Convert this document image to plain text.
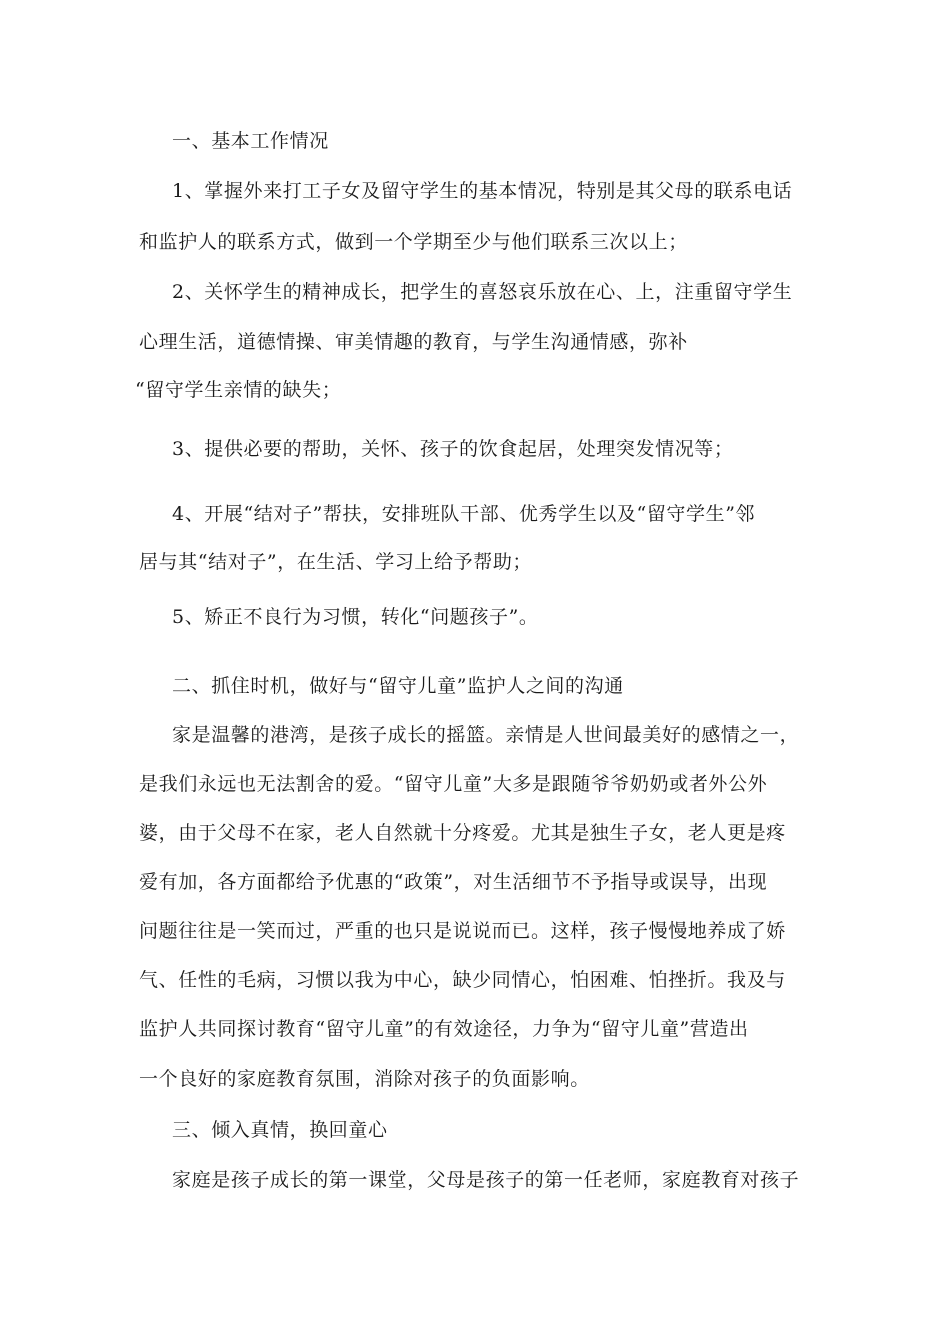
一、基本工作情况
1、掌握外来打工子女及留守学生的基本情况，特别是其父母的联系电话
和监护人的联系方式，做到一个学期至少与他们联系三次以上；
2、关怀学生的精神成长，把学生的喜怒哀乐放在心、上，注重留守学生
心理生活，道德情操、审美情趣的教育，与学生沟通情感，弥补
“留守学生亲情的缺失；
3、提供必要的帮助，关怀、孩子的饮食起居，处理突发情况等；
4、开展“结对子”帮扶，安排班队干部、优秀学生以及“留守学生”邻
居与其“结对子”，在生活、学习上给予帮助；
5、矫正不良行为习惯，转化“问题孩子”。
二、抓住时机，做好与“留守儿童”监护人之间的沟通
家是温馨的港湾，是孩子成长的摇篮。亲情是人世间最美好的感情之一，
是我们永远也无法割舍的爱。“留守儿童”大多是跟随爷爷奶奶或者外公外
婆，由于父母不在家，老人自然就十分疼爱。尤其是独生子女，老人更是疼
爱有加，各方面都给予优惠的“政策”，对生活细节不予指导或误导，出现
问题往往是一笑而过，严重的也只是说说而已。这样，孩子慢慢地养成了娇
气、任性的毛病，习惯以我为中心，缺少同情心，怕困难、怕挫折。我及与
监护人共同探讨教育“留守儿童”的有效途径，力争为“留守儿童”营造出
一个良好的家庭教育氛围，消除对孩子的负面影响。
三、倾入真情，换回童心
家庭是孩子成长的第一课堂，父母是孩子的第一任老师，家庭教育对孩子
